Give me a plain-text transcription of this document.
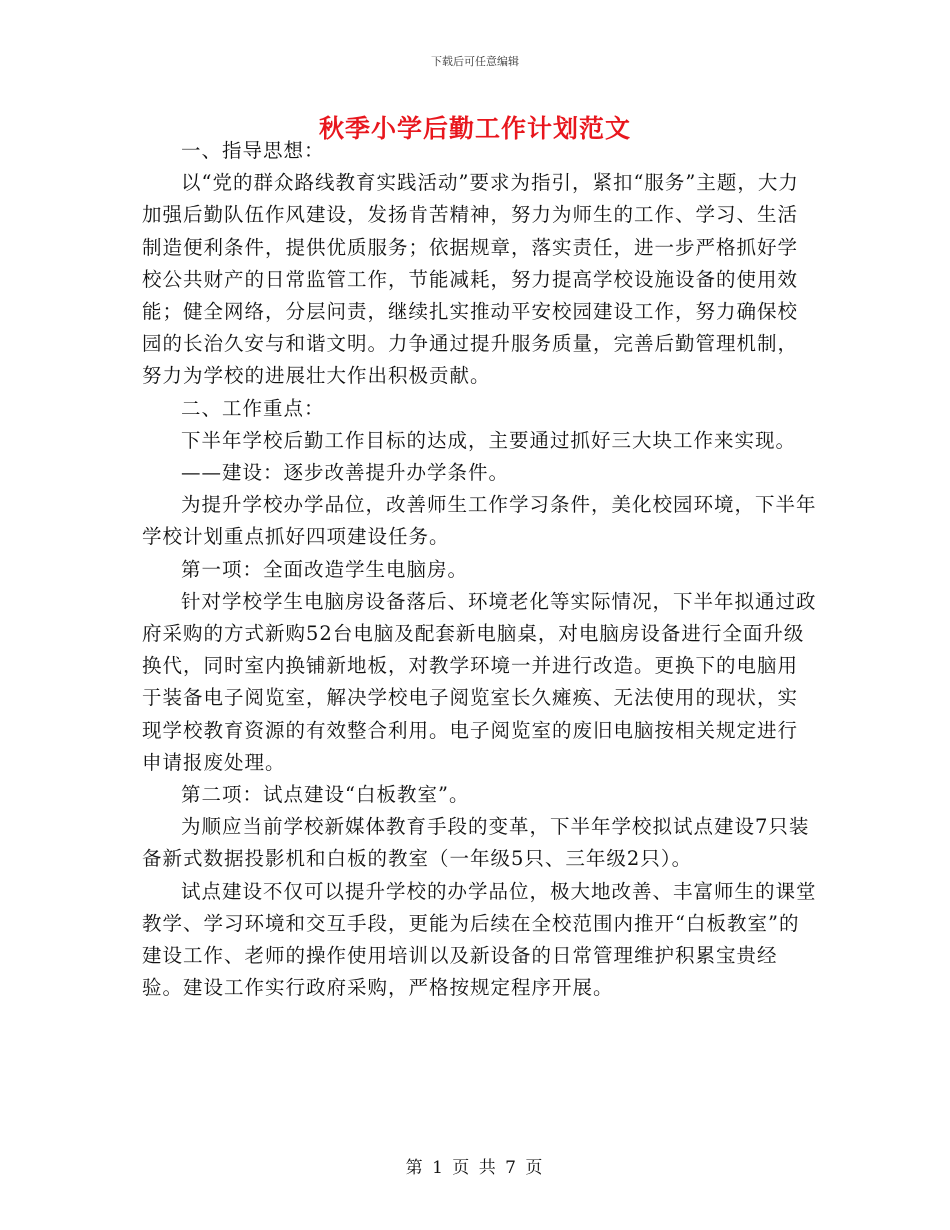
下载后可任意编辑
秋季小学后勤工作计划范文

一、指导思想：

以“党的群众路线教育实践活动”要求为指引，紧扣“服务”主题，大力加强后勤队伍作风建设，发扬肯苦精神，努力为师生的工作、学习、生活制造便利条件，提供优质服务；依据规章，落实责任，进一步严格抓好学校公共财产的日常监管工作，节能减耗，努力提高学校设施设备的使用效能；健全网络，分层问责，继续扎实推动平安校园建设工作，努力确保校园的长治久安与和谐文明。力争通过提升服务质量，完善后勤管理机制，努力为学校的进展壮大作出积极贡献。

二、工作重点：

下半年学校后勤工作目标的达成，主要通过抓好三大块工作来实现。

——建设：逐步改善提升办学条件。

为提升学校办学品位，改善师生工作学习条件，美化校园环境，下半年学校计划重点抓好四项建设任务。

第一项：全面改造学生电脑房。

针对学校学生电脑房设备落后、环境老化等实际情况，下半年拟通过政府采购的方式新购52台电脑及配套新电脑桌，对电脑房设备进行全面升级换代，同时室内换铺新地板，对教学环境一并进行改造。更换下的电脑用于装备电子阅览室，解决学校电子阅览室长久瘫痪、无法使用的现状，实现学校教育资源的有效整合利用。电子阅览室的废旧电脑按相关规定进行申请报废处理。

第二项：试点建设“白板教室”。

为顺应当前学校新媒体教育手段的变革，下半年学校拟试点建设7只装备新式数据投影机和白板的教室（一年级5只、三年级2只）。

试点建设不仅可以提升学校的办学品位，极大地改善、丰富师生的课堂教学、学习环境和交互手段，更能为后续在全校范围内推开“白板教室”的建设工作、老师的操作使用培训以及新设备的日常管理维护积累宝贵经验。建设工作实行政府采购，严格按规定程序开展。

第 1 页 共 7 页
